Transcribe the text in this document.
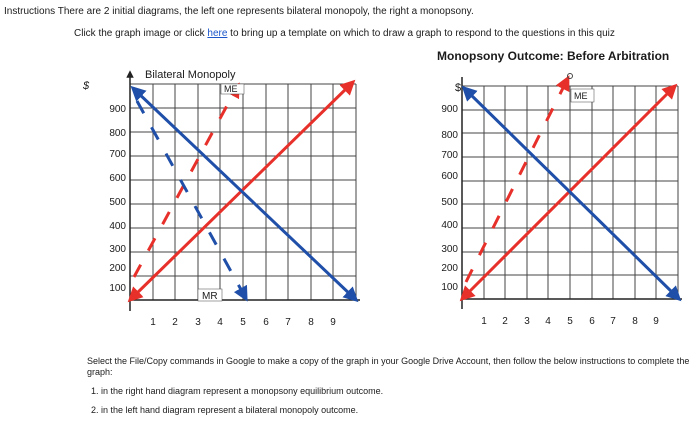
Instructions There are 2 initial diagrams, the left one represents bilateral monopoly, the right a monopsony.
Click the graph image or click here to bring up a template on which to draw a graph to respond to the questions in this quiz
Bilateral Monopoly
$
900
800
700
600
500
400
300
200
100
1 2 3 4 5 6 7 8 9
ME
MR
Monopsony Outcome: Before Arbitration
$
900
800
700
600
500
400
300
200
100
1 2 3 4 5 6 7 8 9
ME

Select the File/Copy commands in Google to make a copy of the graph in your Google Drive Account, then follow the below instructions to complete the graph:

1. in the right hand diagram represent a monopsony equilibrium outcome.

2. in the left hand diagram represent a bilateral monopoly outcome.
